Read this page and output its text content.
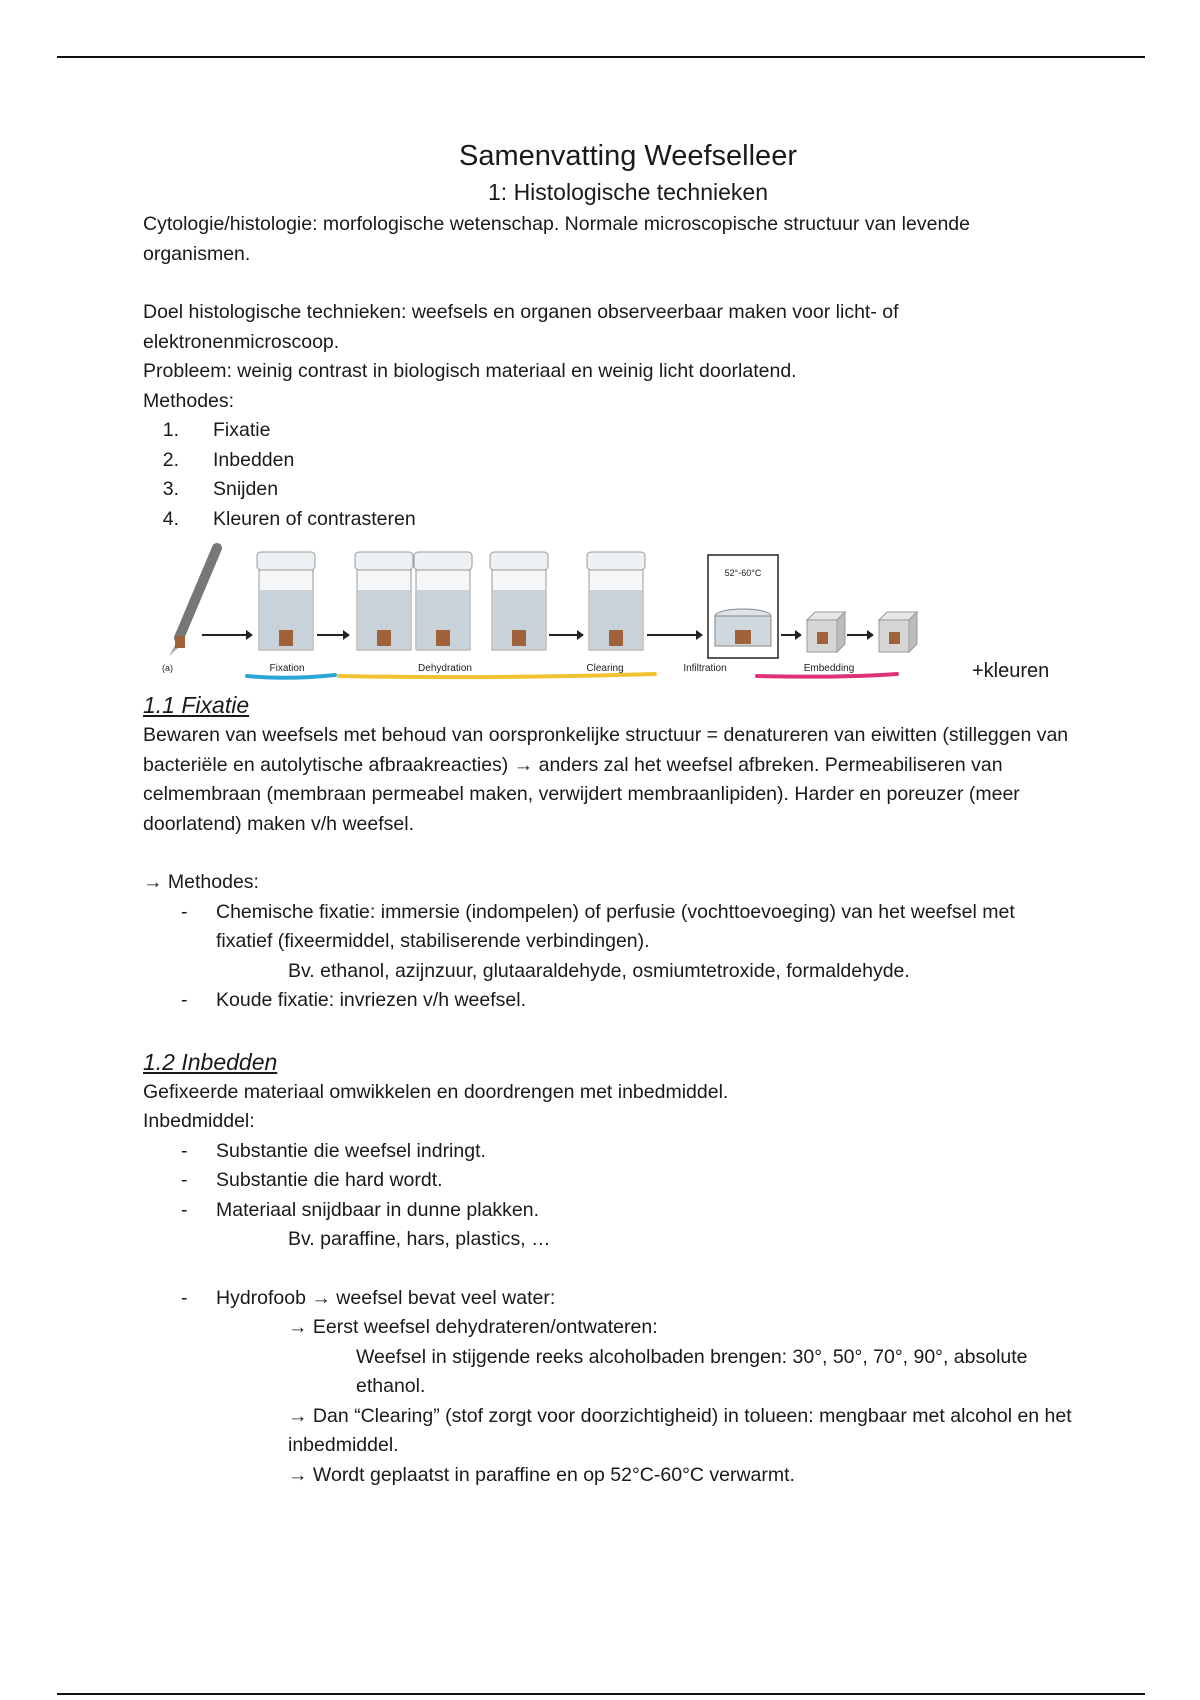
Samenvatting Weefselleer
1: Histologische technieken

Cytologie/histologie: morfologische wetenschap. Normale microscopische structuur van levende organismen.

Doel histologische technieken: weefsels en organen observeerbaar maken voor licht- of elektronenmicroscoop.

Probleem: weinig contrast in biologisch materiaal en weinig licht doorlatend.

Methodes:

1. Fixatie
2. Inbedden
3. Snijden
4. Kleuren of contrasteren
52°-60°C
(a)	Fixation	Dehydration	Clearing	Infiltration	Embedding	+kleuren
1.1 Fixatie

Bewaren van weefsels met behoud van oorspronkelijke structuur = denatureren van eiwitten (stilleggen van bacteriële en autolytische afbraakreacties) → anders zal het weefsel afbreken. Permeabiliseren van celmembraan (membraan permeabel maken, verwijdert membraanlipiden). Harder en poreuzer (meer doorlatend) maken v/h weefsel.

→ Methodes:

- Chemische fixatie: immersie (indompelen) of perfusie (vochttoevoeging) van het weefsel met fixatief (fixeermiddel, stabiliserende verbindingen).

Bv. ethanol, azijnzuur, glutaaraldehyde, osmiumtetroxide, formaldehyde.

- Koude fixatie: invriezen v/h weefsel.
1.2 Inbedden

Gefixeerde materiaal omwikkelen en doordrengen met inbedmiddel.

Inbedmiddel:

- Substantie die weefsel indringt.
- Substantie die hard wordt.
- Materiaal snijdbaar in dunne plakken.

Bv. paraffine, hars, plastics, …

- Hydrofoob → weefsel bevat veel water:

→ Eerst weefsel dehydrateren/ontwateren:

Weefsel in stijgende reeks alcoholbaden brengen: 30°, 50°, 70°, 90°, absolute ethanol.

→ Dan “Clearing” (stof zorgt voor doorzichtigheid) in tolueen: mengbaar met alcohol en het inbedmiddel.

→ Wordt geplaatst in paraffine en op 52°C-60°C verwarmt.
